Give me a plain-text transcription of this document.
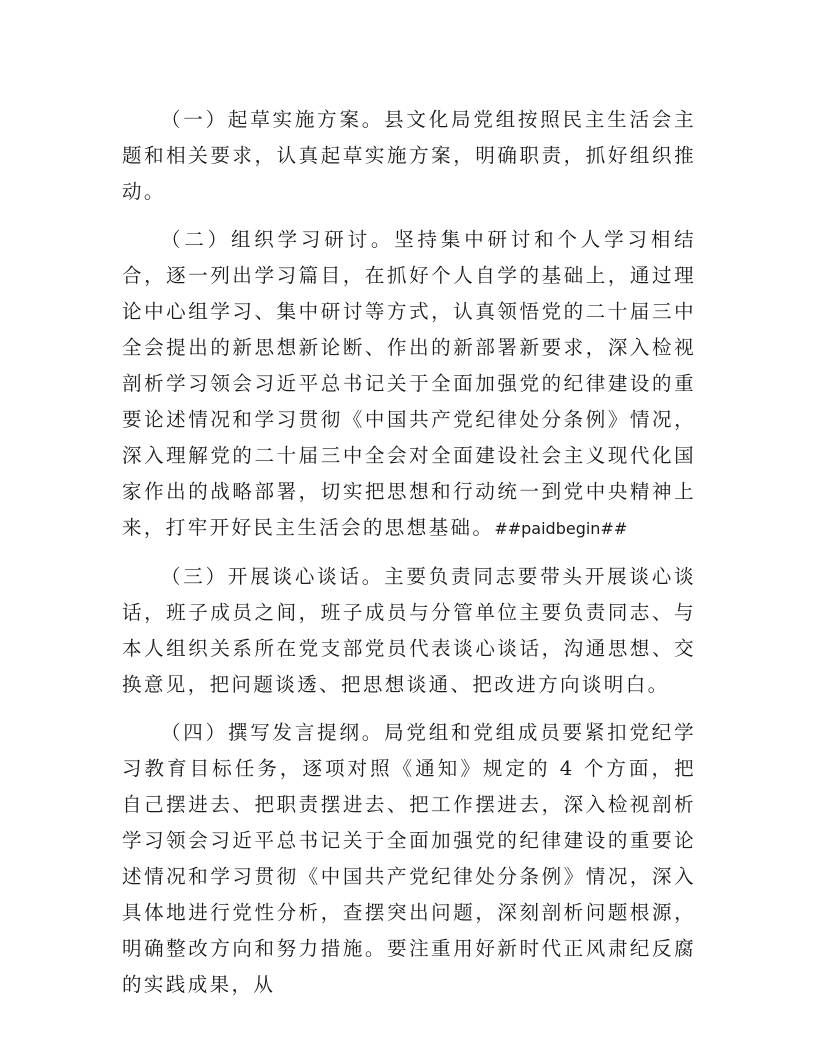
（一）起草实施方案。县文化局党组按照民主生活会主题和相关要求，认真起草实施方案，明确职责，抓好组织推动。

（二）组织学习研讨。坚持集中研讨和个人学习相结合，逐一列出学习篇目，在抓好个人自学的基础上，通过理论中心组学习、集中研讨等方式，认真领悟党的二十届三中全会提出的新思想新论断、作出的新部署新要求，深入检视剖析学习领会习近平总书记关于全面加强党的纪律建设的重要论述情况和学习贯彻《中国共产党纪律处分条例》情况，深入理解党的二十届三中全会对全面建设社会主义现代化国家作出的战略部署，切实把思想和行动统一到党中央精神上来，打牢开好民主生活会的思想基础。##paidbegin##

（三）开展谈心谈话。主要负责同志要带头开展谈心谈话，班子成员之间，班子成员与分管单位主要负责同志、与本人组织关系所在党支部党员代表谈心谈话，沟通思想、交换意见，把问题谈透、把思想谈通、把改进方向谈明白。

（四）撰写发言提纲。局党组和党组成员要紧扣党纪学习教育目标任务，逐项对照《通知》规定的 4 个方面，把自己摆进去、把职责摆进去、把工作摆进去，深入检视剖析学习领会习近平总书记关于全面加强党的纪律建设的重要论述情况和学习贯彻《中国共产党纪律处分条例》情况，深入具体地进行党性分析，查摆突出问题，深刻剖析问题根源，明确整改方向和努力措施。要注重用好新时代正风肃纪反腐的实践成果，从
